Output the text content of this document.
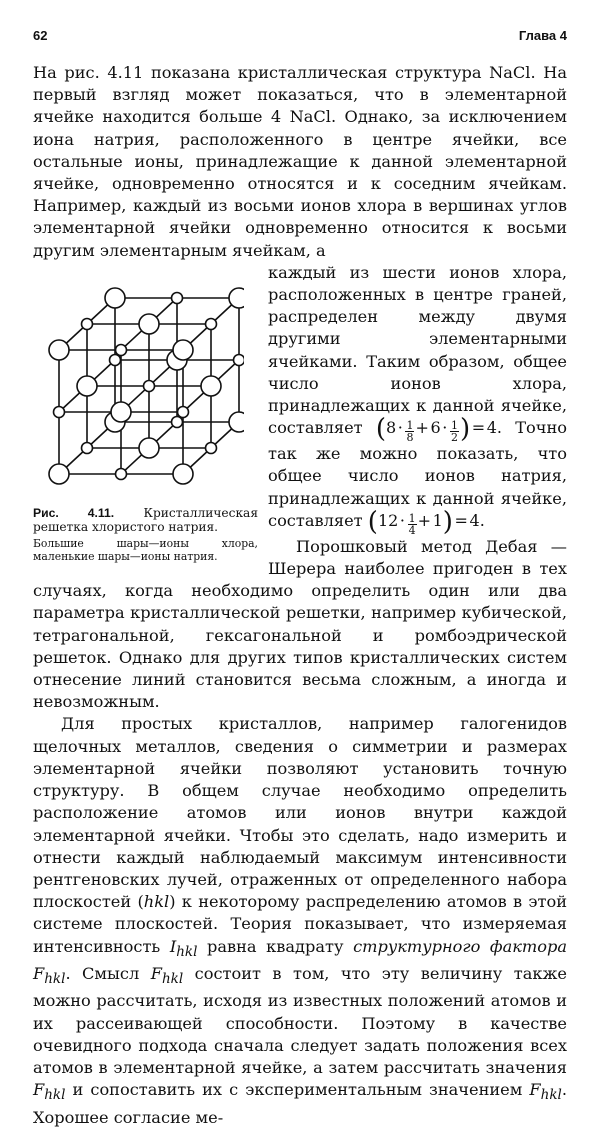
62	Глава 4

На рис. 4.11 показана кристаллическая структура NaCl. На первый взгляд может показаться, что в элементарной ячейке находится больше 4 NaCl. Однако, за исключением иона натрия, расположенного в центре ячейки, все остальные ионы, принадлежащие к данной элементарной ячейке, одновременно относятся и к соседним ячейкам. Например, каждый из восьми ионов хлора в вершинах углов элементарной ячейки одновременно относится к восьми другим элементарным ячейкам, а

Рис. 4.11. Кристаллическая решетка хлористого натрия.
Большие шары—ионы хлора, маленькие шары—ионы натрия.

каждый из шести ионов хлора, расположенных в центре граней, распределен между двумя другими элементарными ячейками. Таким образом, общее число ионов хлора, принадлежащих к данной ячейке, составляет (8 ·  $\frac{1}{8}$ + 6 ·  $\frac{1}{2}$ ) = 4. Точно так же можно показать, что общее число ионов натрия, принадлежащих к данной ячейке, составляет (12 ·  $\frac{1}{4}$ + 1) = 4.

Порошковый метод Дебая — Шерера наиболее пригоден в тех случаях, когда необходимо определить один или два параметра кристаллической решетки, например кубической, тетрагональной, гексагональной и ромбоэдрической решеток. Однако для других типов кристаллических систем отнесение линий становится весьма сложным, а иногда и невозможным.

Для простых кристаллов, например галогенидов щелочных металлов, сведения о симметрии и размерах элементарной ячейки позволяют установить точную структуру. В общем случае необходимо определить расположение атомов или ионов внутри каждой элементарной ячейки. Чтобы это сделать, надо измерить и отнести каждый наблюдаемый максимум интенсивности рентгеновских лучей, отраженных от определенного набора плоскостей (hkl) к некоторому распределению атомов в этой системе плоскостей. Теория показывает, что измеряемая интенсивность $I_{hkl}$ равна квадрату структурного фактора $F_{hkl}$. Смысл $F_{hkl}$ состоит в том, что эту величину также можно рассчитать, исходя из известных положений атомов и их рассеивающей способности. Поэтому в качестве очевидного подхода сначала следует задать положения всех атомов в элементарной ячейке, а затем рассчитать значения $F_{hkl}$ и сопоставить их с экспериментальным значением $F_{hkl}$. Хорошее согласие ме-
